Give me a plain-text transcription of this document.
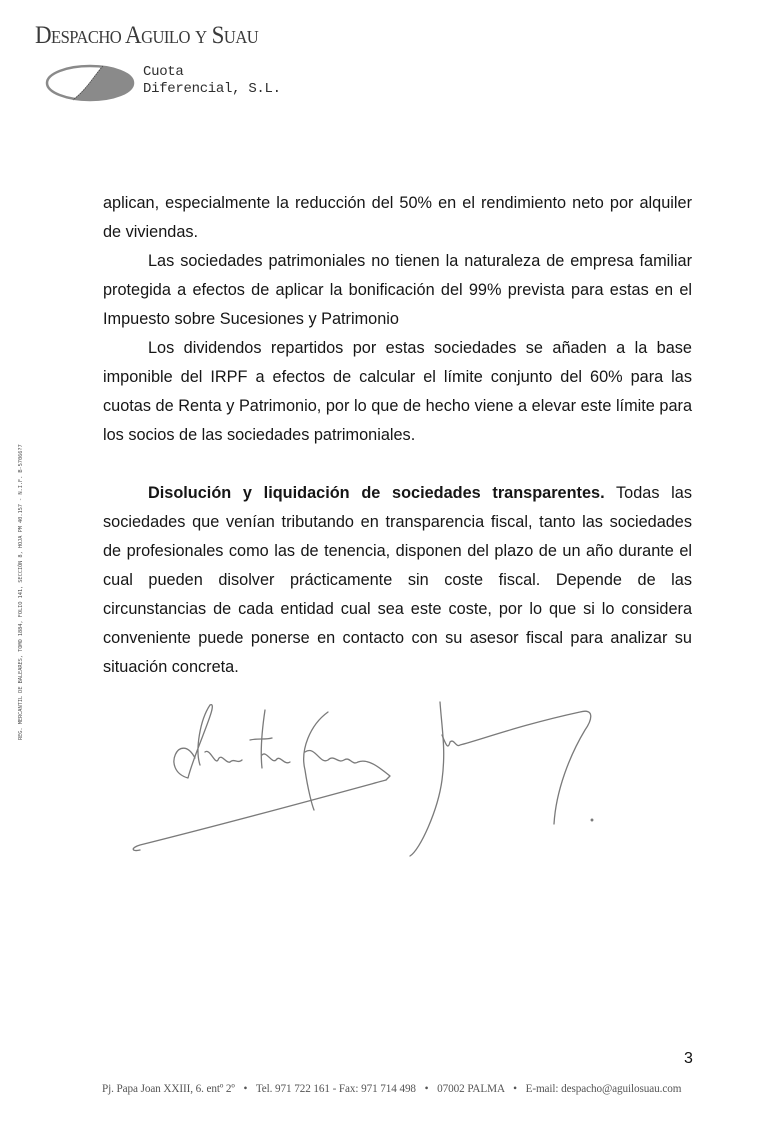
Despacho Aguilo y Suau
Cuota
Diferencial, S.L.
REG. MERCANTIL DE BALEARES, TOMO 1884, FOLIO 141, SECCIÓN 8, HOJA PM 40.157 - N.I.F. B-57066?7

aplican, especialmente la reducción del 50% en el rendimiento neto por alquiler de viviendas.

Las sociedades patrimoniales no tienen la naturaleza de empresa familiar protegida a efectos de aplicar la bonificación del 99% prevista para estas en el Impuesto sobre Sucesiones y Patrimonio

Los dividendos repartidos por estas sociedades se añaden a la base imponible del IRPF a efectos de calcular el límite conjunto del 60% para las cuotas de Renta y Patrimonio, por lo que de hecho viene a elevar este límite para los socios de las sociedades patrimoniales.

Disolución y liquidación de sociedades transparentes. Todas las sociedades que venían tributando en transparencia fiscal, tanto las sociedades de profesionales como las de tenencia, disponen del plazo de un año durante el cual pueden disolver prácticamente sin coste fiscal. Depende de las circunstancias de cada entidad cual sea este coste, por lo que si lo considera conveniente puede ponerse en contacto con su asesor fiscal para analizar su situación concreta.

3
Pj. Papa Joan XXIII, 6. entº 2º • Tel. 971 722 161 - Fax: 971 714 498 • 07002 PALMA • E-mail: despacho@aguilosuau.com
